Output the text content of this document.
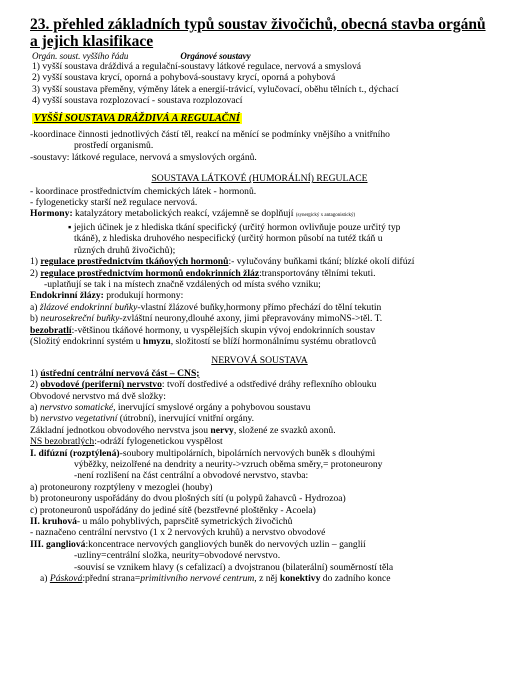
23. přehled základních typů soustav živočichů, obecná stavba orgánů a jejich klasifikace
Orgán. soust. vyššího řádu	Orgánové soustavy
1) vyšší soustava dráždivá a regulační-soustavy látkové regulace, nervová a smyslová
2) vyšší soustava krycí, oporná a pohybová-soustavy krycí, oporná a pohybová
3) vyšší soustava přeměny, výměny látek a energií-trávicí, vylučovací, oběhu tělních t., dýchací
4) vyšší soustava rozplozovací - soustava rozplozovací
VYŠŠÍ SOUSTAVA DRÁŽDIVÁ A REGULAČNÍ

-koordinace činnosti jednotlivých částí těl, reakcí na měnící se podmínky vnějšího a vnitřního

prostředí organismů.

-soustavy: látkové regulace, nervová a smyslových orgánů.

SOUSTAVA LÁTKOVÉ (HUMORÁLNÍ) REGULACE

- koordinace prostřednictvím chemických látek - hormonů.

- fylogeneticky starší než regulace nervová.

Hormony: katalyzátory metabolických reakcí, vzájemně se doplňují (synergický x antagonistický)

▪ jejich účinek je z hlediska tkání specifický (určitý hormon ovlivňuje pouze určitý typ

tkáně), z hlediska druhového nespecifický (určitý hormon působí na tutéž tkáň u

různých druhů živočichů);

1) regulace prostřednictvím tkáňových hormonů:- vylučovány buňkami tkání; blízké okolí difúzí

2) regulace prostřednictvím hormonů endokrinních žláz:transportovány tělními tekuti.

-uplatňují se tak i na místech značně vzdálených od místa svého vzniku;

Endokrinní žlázy: produkují hormony:

a) žlázové endokrinní buňky-vlastní žlázové buňky,hormony přímo přechází do tělní tekutin

b) neurosekreční buňky-zvláštní neurony,dlouhé axony, jimi přepravovány mimoNS->těl. T.

bezobratlí:-většinou tkáňové hormony, u vyspělejších skupin vývoj endokrinních soustav

(Složitý endokrinní systém u hmyzu, složitostí se blíží hormonálnímu systému obratlovců

NERVOVÁ SOUSTAVA

1) ústřední centrální nervová část – CNS;

2) obvodové (periferní) nervstvo: tvoří dostředivé a odstředivé dráhy reflexního oblouku

Obvodové nervstvo má dvě složky:

a) nervstvo somatické, inervující smyslové orgány a pohybovou soustavu

b) nervstvo vegetativní (útrobní), inervující vnitřní orgány.

Základní jednotkou obvodového nervstva jsou nervy, složené ze svazků axonů.

NS bezobratlých:-odráží fylogenetickou vyspělost

I. difúzní (rozptýlená)-soubory multipolárních, bipolárních nervových buněk s dlouhými

výběžky, neizolřené na dendrity a neurity->vzruch oběma směry,= protoneurony

-není rozlišení na část centrální a obvodové nervstvo, stavba:

a) protoneurony rozptýleny v mezoglei (houby)

b) protoneurony uspořádány do dvou plošných sítí (u polypů žahavců - Hydrozoa)

c) protoneuronů uspořádány do jediné sítě (bezstřevné ploštěnky - Acoela)

II. kruhová- u málo pohyblivých, paprsčitě symetrických živočichů

- naznačeno centrální nervstvo (1 x 2 nervových kruhů) a nervstvo obvodové

III. gangliová:koncentrace nervových gangliových buněk do nervových uzlin – ganglií

-uzliny=centrální složka, neurity=obvodové nervstvo.

-souvisí se vznikem hlavy (s cefalizací) a dvojstranou (bilaterální) souměrností těla

a) Pásková:přední strana=primitivního nervové centrum, z něj konektivy do zadního konce
